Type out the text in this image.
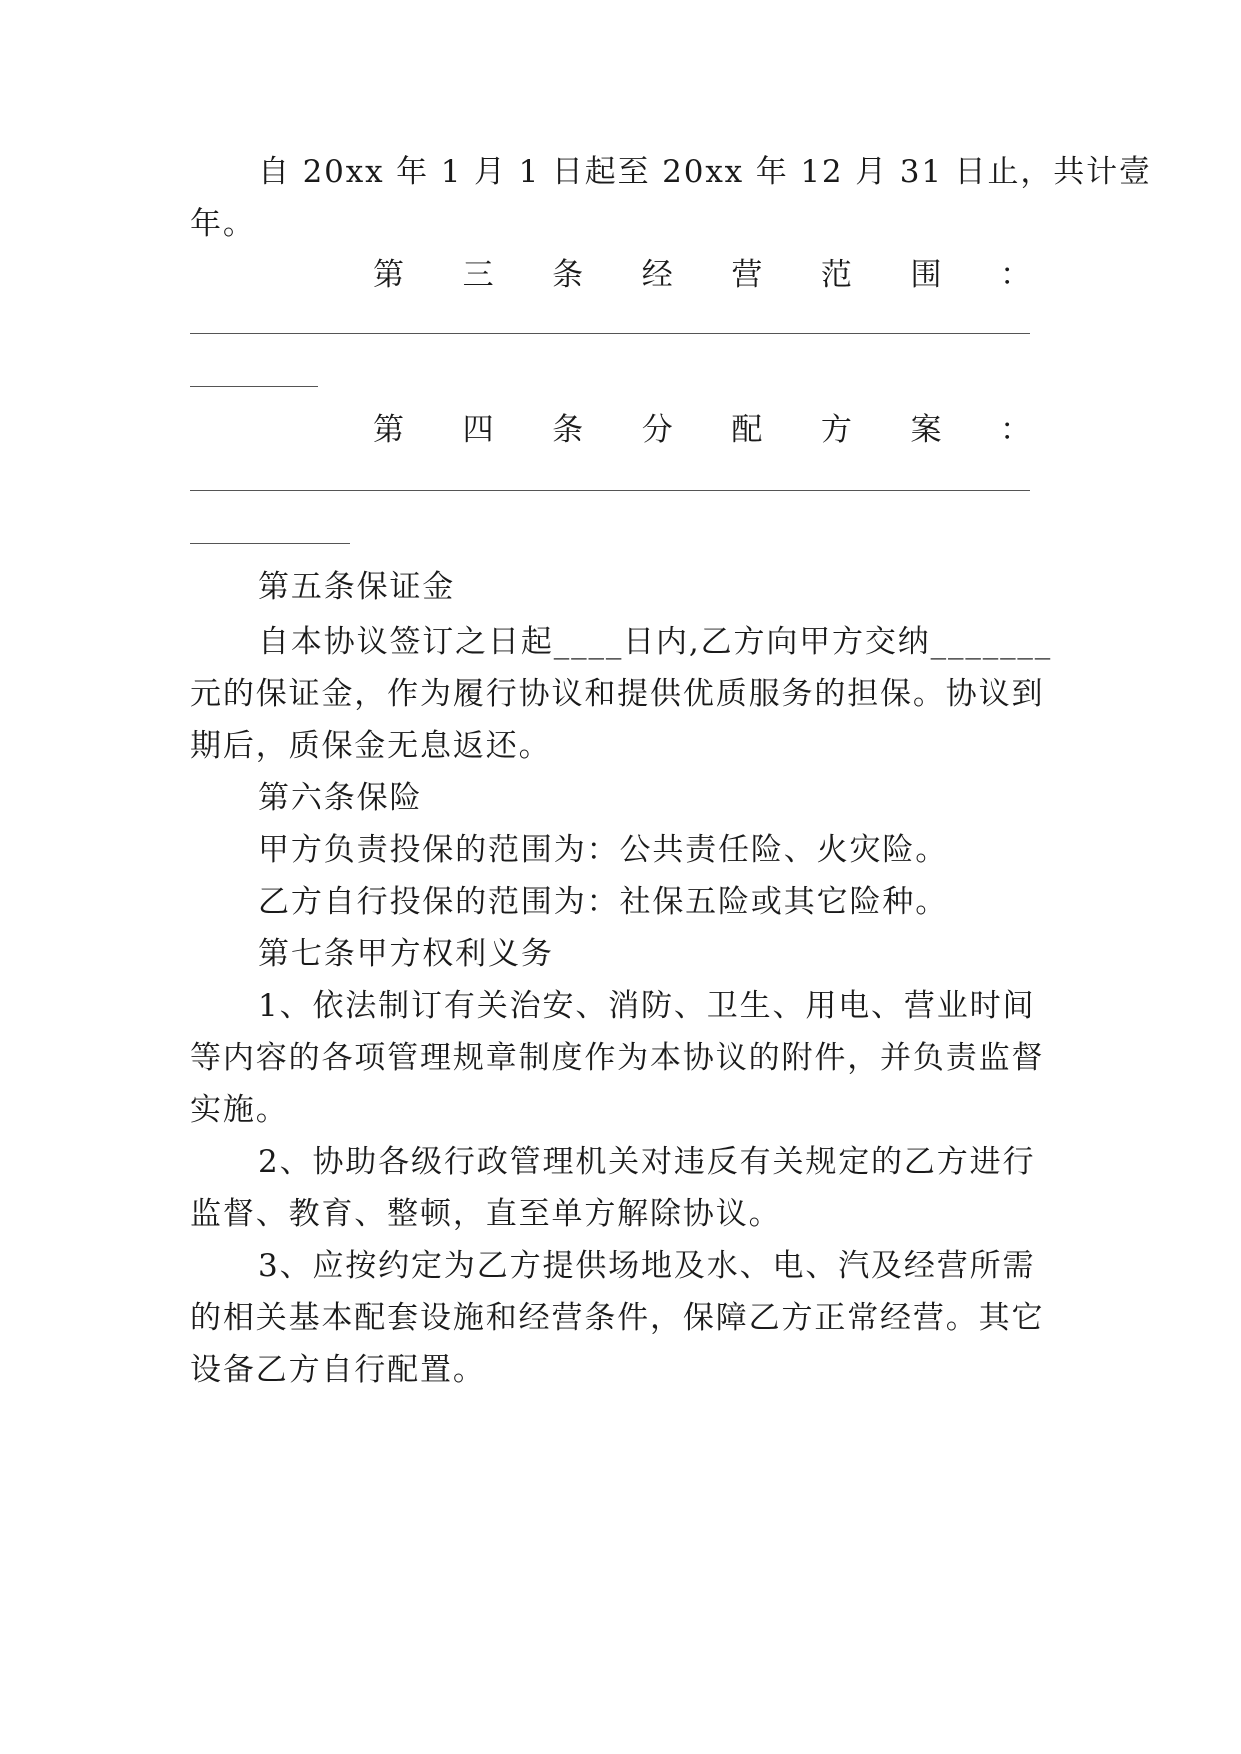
自 20xx 年 1 月 1 日起至 20xx 年 12 月 31 日止，共计壹
年。
第 三 条 经 营 范 围 ：
第 四 条 分 配 方 案 ：
第五条保证金
自本协议签订之日起____日内,乙方向甲方交纳_______
元的保证金，作为履行协议和提供优质服务的担保。协议到
期后，质保金无息返还。
第六条保险
甲方负责投保的范围为：公共责任险、火灾险。
乙方自行投保的范围为：社保五险或其它险种。
第七条甲方权利义务
1、依法制订有关治安、消防、卫生、用电、营业时间
等内容的各项管理规章制度作为本协议的附件，并负责监督
实施。
2、协助各级行政管理机关对违反有关规定的乙方进行
监督、教育、整顿，直至单方解除协议。
3、应按约定为乙方提供场地及水、电、汽及经营所需
的相关基本配套设施和经营条件，保障乙方正常经营。其它
设备乙方自行配置。
